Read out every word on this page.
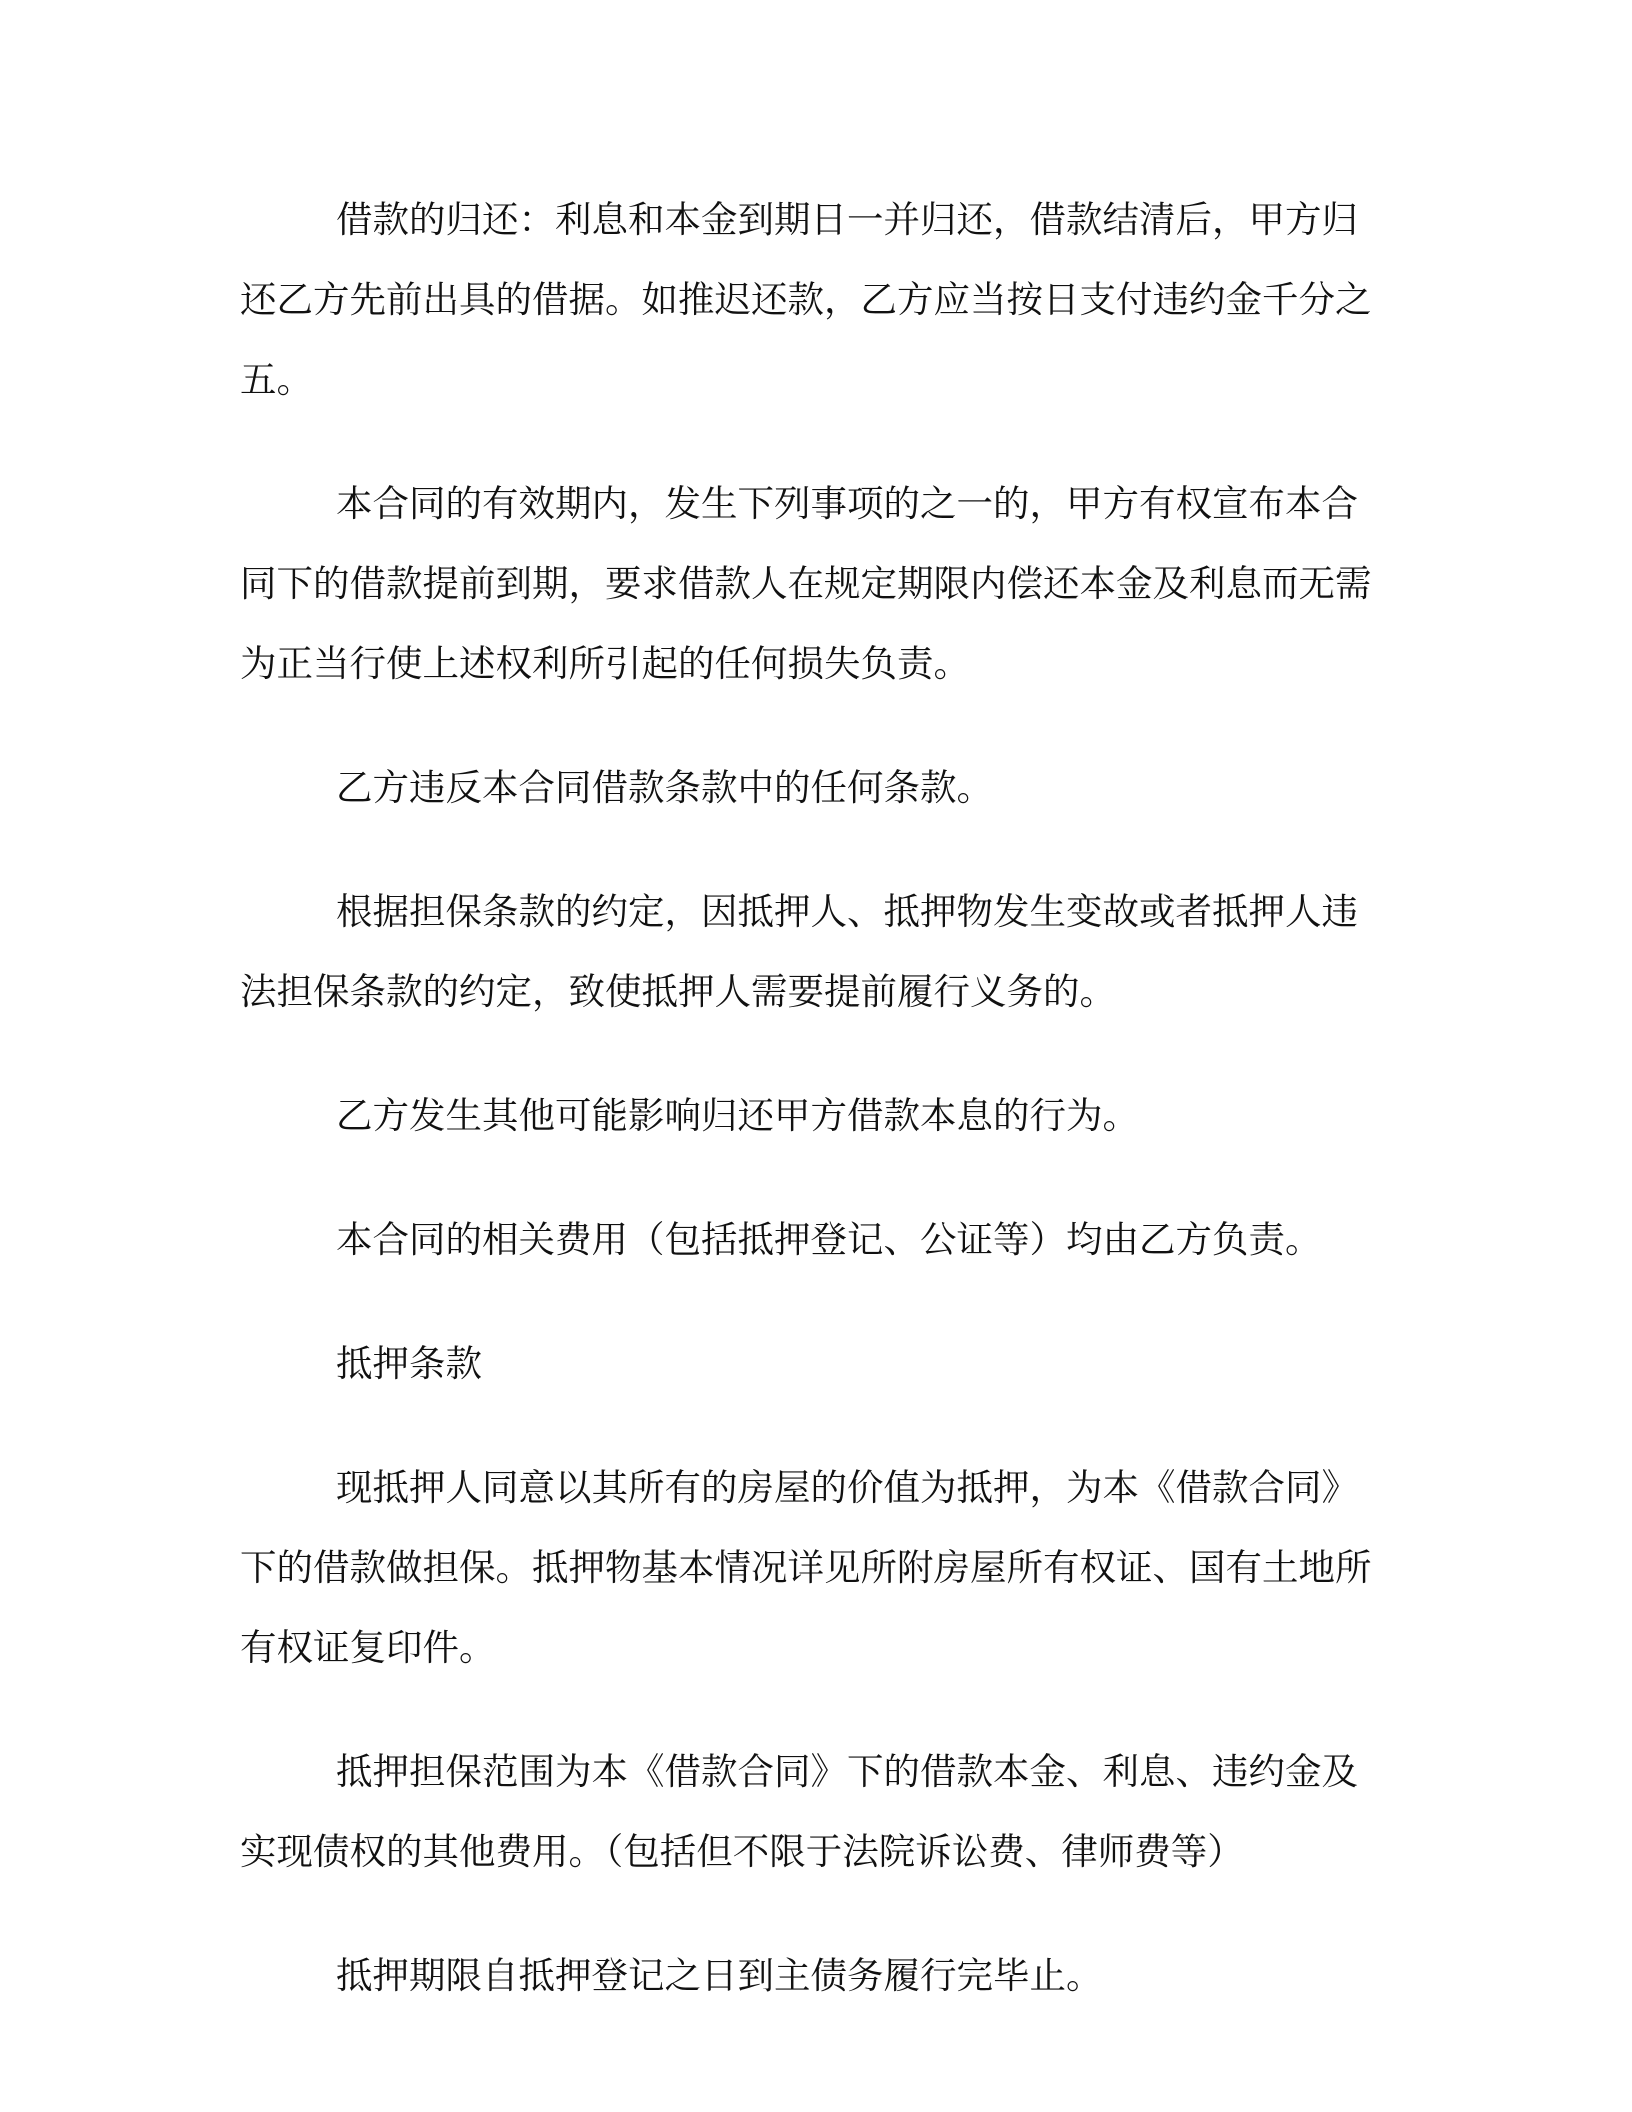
借款的归还：利息和本金到期日一并归还，借款结清后，甲方归还乙方先前出具的借据。如推迟还款，乙方应当按日支付违约金千分之五。

本合同的有效期内，发生下列事项的之一的，甲方有权宣布本合同下的借款提前到期，要求借款人在规定期限内偿还本金及利息而无需为正当行使上述权利所引起的任何损失负责。

乙方违反本合同借款条款中的任何条款。

根据担保条款的约定，因抵押人、抵押物发生变故或者抵押人违法担保条款的约定，致使抵押人需要提前履行义务的。

乙方发生其他可能影响归还甲方借款本息的行为。

本合同的相关费用（包括抵押登记、公证等）均由乙方负责。

抵押条款

现抵押人同意以其所有的房屋的价值为抵押，为本《借款合同》下的借款做担保。抵押物基本情况详见所附房屋所有权证、国有土地所有权证复印件。

抵押担保范围为本《借款合同》下的借款本金、利息、违约金及实现债权的其他费用。（包括但不限于法院诉讼费、律师费等）

抵押期限自抵押登记之日到主债务履行完毕止。
